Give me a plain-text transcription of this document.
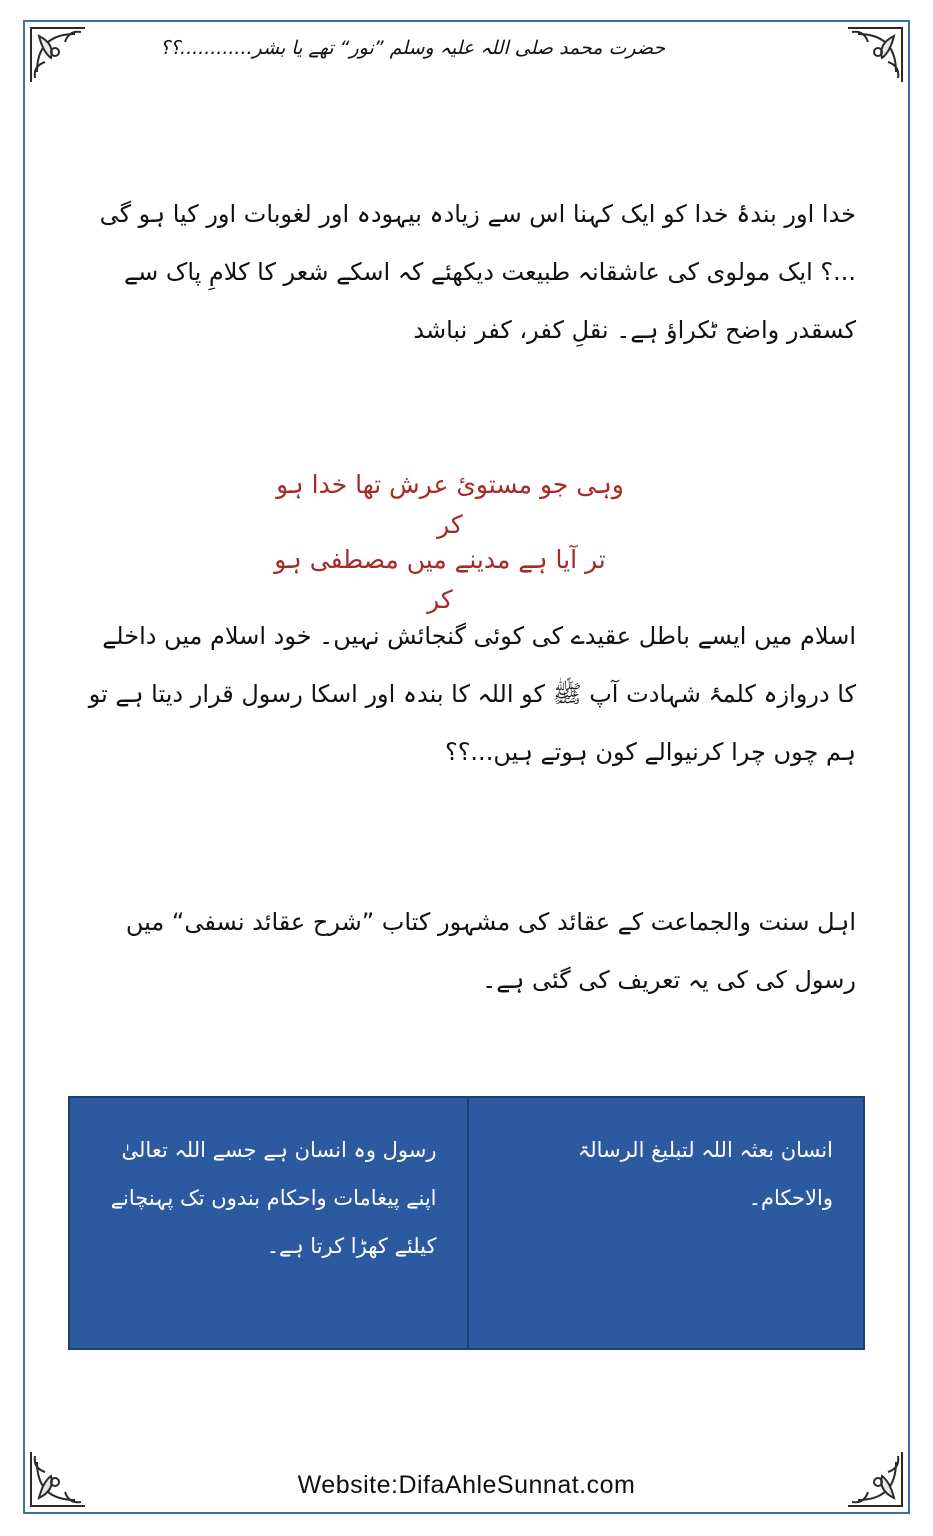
حضرت محمد صلی اللہ علیہ وسلم ”نور“ تھے یا بشر............؟؟
خدا اور بندۂ خدا کو ایک کہنا اس سے زیادہ بیہودہ اور لغوبات اور کیا ہو گی ...؟ ایک مولوی کی عاشقانہ طبیعت دیکھئے کہ اسکے شعر کا کلامِ پاک سے کسقدر واضح ٹکراؤ ہے۔ نقلِ کفر، کفر نباشد
وہی جو مستوئ عرش تھا خدا ہو کر
تر آیا ہے مدینے میں مصطفی ہو کر
اسلام میں ایسے باطل عقیدے کی کوئی گنجائش نہیں۔ خود اسلام میں داخلے کا دروازہ کلمۂ شہادت آپ ﷺ کو اللہ کا بندہ اور اسکا رسول قرار دیتا ہے تو ہم چوں چرا کرنیوالے کون ہوتے ہیں...؟؟
اہل سنت والجماعت کے عقائد کی مشہور کتاب ”شرح عقائد نسفی“ میں رسول کی کی یہ تعریف کی گئی ہے۔
انسان بعثہ اللہ لتبلیغ الرسالۃ والاحکام۔
رسول وہ انسان ہے جسے اللہ تعالیٰ اپنے پیغامات واحکام بندوں تک پہنچانے کیلئے کھڑا کرتا ہے۔
Website:DifaAhleSunnat.com
